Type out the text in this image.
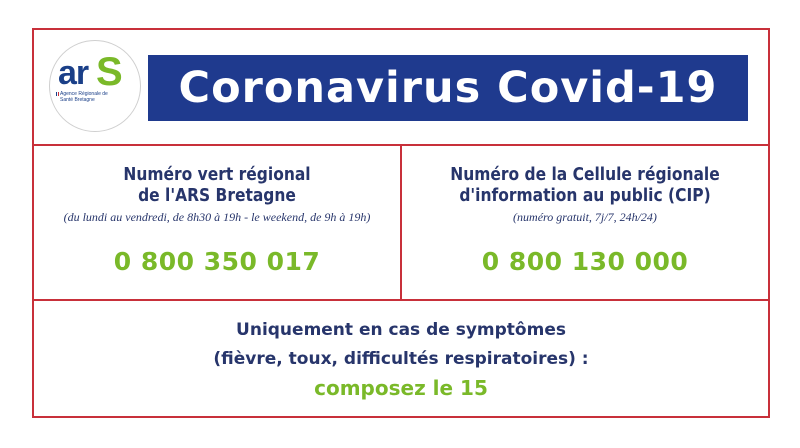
ar S
Agence Régionale de Santé Bretagne	Coronavirus Covid-19
Numéro vert régional
de l'ARS Bretagne
(du lundi au vendredi, de 8h30 à 19h - le weekend, de 9h à 19h)
0 800 350 017
Numéro de la Cellule régionale
d'information au public (CIP)
(numéro gratuit, 7j/7, 24h/24)
0 800 130 000
Uniquement en cas de symptômes
(fièvre, toux, difficultés respiratoires) :
composez le 15
